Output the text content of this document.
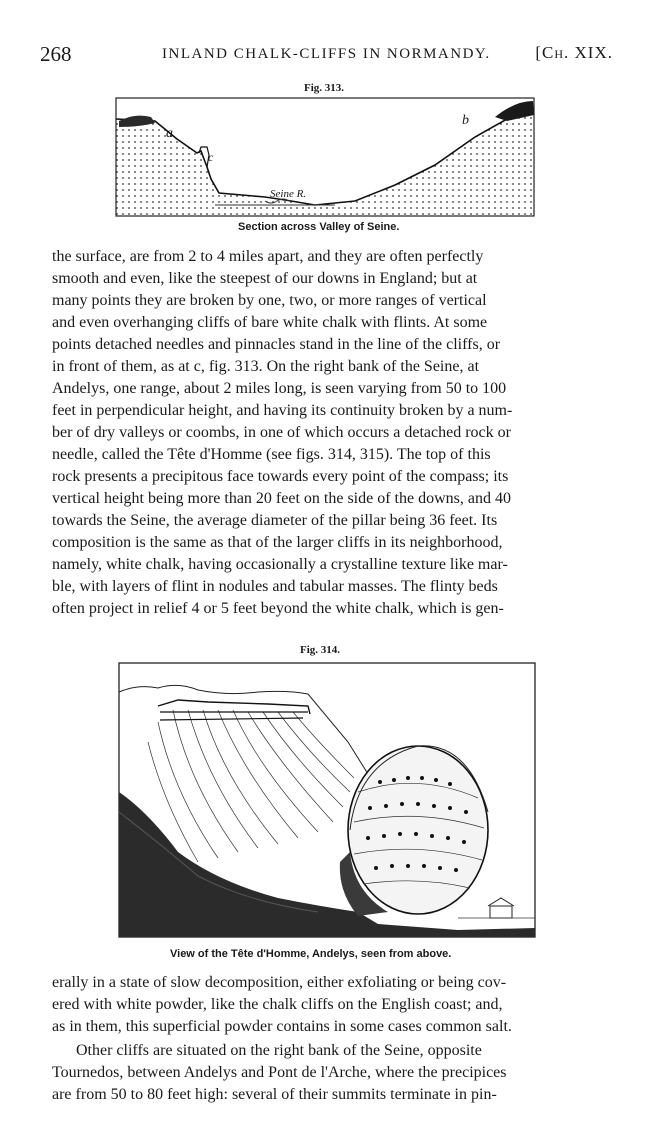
268	INLAND CHALK-CLIFFS IN NORMANDY.	[Ch. XIX.
Fig. 313.
a
c
b
Seine R.
Section across Valley of Seine.
the surface, are from 2 to 4 miles apart, and they are often perfectly
smooth and even, like the steepest of our downs in England; but at
many points they are broken by one, two, or more ranges of vertical
and even overhanging cliffs of bare white chalk with flints. At some
points detached needles and pinnacles stand in the line of the cliffs, or
in front of them, as at c, fig. 313. On the right bank of the Seine, at
Andelys, one range, about 2 miles long, is seen varying from 50 to 100
feet in perpendicular height, and having its continuity broken by a num-
ber of dry valleys or coombs, in one of which occurs a detached rock or
needle, called the Tête d'Homme (see figs. 314, 315). The top of this
rock presents a precipitous face towards every point of the compass; its
vertical height being more than 20 feet on the side of the downs, and 40
towards the Seine, the average diameter of the pillar being 36 feet. Its
composition is the same as that of the larger cliffs in its neighborhood,
namely, white chalk, having occasionally a crystalline texture like mar-
ble, with layers of flint in nodules and tabular masses. The flinty beds
often project in relief 4 or 5 feet beyond the white chalk, which is gen-
Fig. 314.
View of the Tête d'Homme, Andelys, seen from above.
erally in a state of slow decomposition, either exfoliating or being cov-
ered with white powder, like the chalk cliffs on the English coast; and,
as in them, this superficial powder contains in some cases common salt.
Other cliffs are situated on the right bank of the Seine, opposite
Tournedos, between Andelys and Pont de l'Arche, where the precipices
are from 50 to 80 feet high: several of their summits terminate in pin-
